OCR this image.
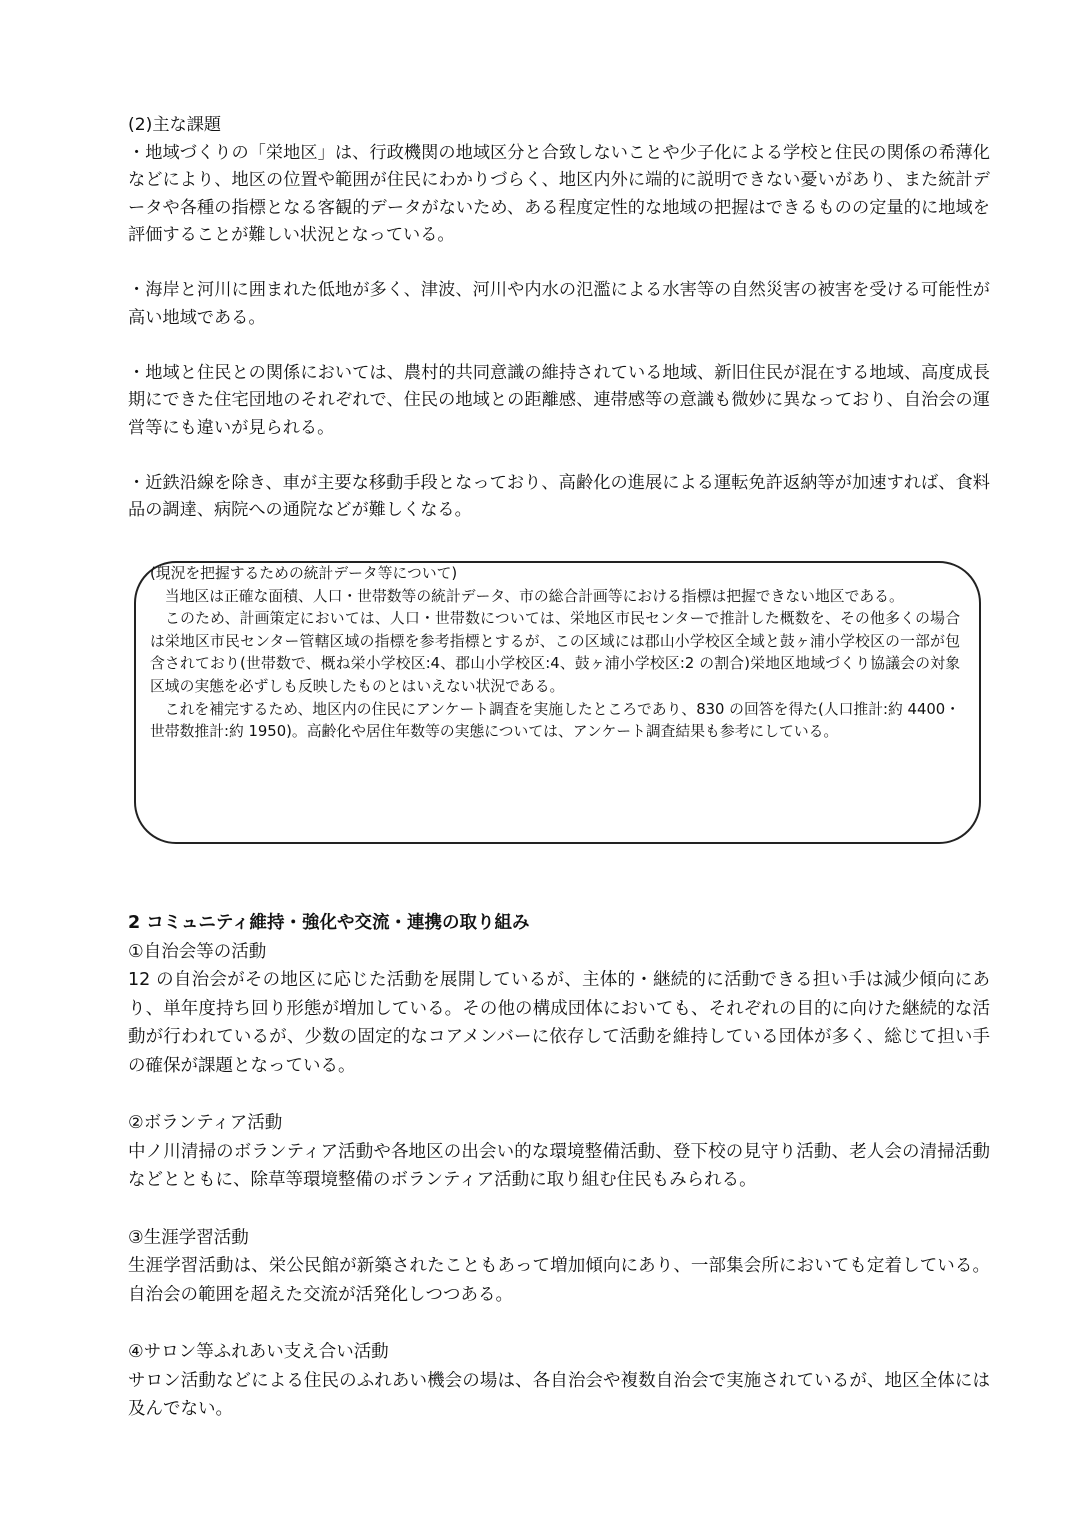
(2)主な課題

・地域づくりの「栄地区」は、行政機関の地域区分と合致しないことや少子化による学校と住民の関係の希薄化などにより、地区の位置や範囲が住民にわかりづらく、地区内外に端的に説明できない憂いがあり、また統計データや各種の指標となる客観的データがないため、ある程度定性的な地域の把握はできるものの定量的に地域を評価することが難しい状況となっている。

・海岸と河川に囲まれた低地が多く、津波、河川や内水の氾濫による水害等の自然災害の被害を受ける可能性が高い地域である。

・地域と住民との関係においては、農村的共同意識の維持されている地域、新旧住民が混在する地域、高度成長期にできた住宅団地のそれぞれで、住民の地域との距離感、連帯感等の意識も微妙に異なっており、自治会の運営等にも違いが見られる。

・近鉄沿線を除き、車が主要な移動手段となっており、高齢化の進展による運転免許返納等が加速すれば、食料品の調達、病院への通院などが難しくなる。

(現況を把握するための統計データ等について)

　当地区は正確な面積、人口・世帯数等の統計データ、市の総合計画等における指標は把握できない地区である。

　このため、計画策定においては、人口・世帯数については、栄地区市民センターで推計した概数を、その他多くの場合は栄地区市民センター管轄区域の指標を参考指標とするが、この区域には郡山小学校区全域と鼓ヶ浦小学校区の一部が包含されており(世帯数で、概ね栄小学校区:4、郡山小学校区:4、鼓ヶ浦小学校区:2 の割合)栄地区地域づくり協議会の対象区域の実態を必ずしも反映したものとはいえない状況である。

　これを補完するため、地区内の住民にアンケート調査を実施したところであり、830 の回答を得た(人口推計:約 4400・世帯数推計:約 1950)。高齢化や居住年数等の実態については、アンケート調査結果も参考にしている。

2 コミュニティ維持・強化や交流・連携の取り組み

①自治会等の活動

12 の自治会がその地区に応じた活動を展開しているが、主体的・継続的に活動できる担い手は減少傾向にあり、単年度持ち回り形態が増加している。その他の構成団体においても、それぞれの目的に向けた継続的な活動が行われているが、少数の固定的なコアメンバーに依存して活動を維持している団体が多く、総じて担い手の確保が課題となっている。

②ボランティア活動

中ノ川清掃のボランティア活動や各地区の出会い的な環境整備活動、登下校の見守り活動、老人会の清掃活動などとともに、除草等環境整備のボランティア活動に取り組む住民もみられる。

③生涯学習活動

生涯学習活動は、栄公民館が新築されたこともあって増加傾向にあり、一部集会所においても定着している。自治会の範囲を超えた交流が活発化しつつある。

④サロン等ふれあい支え合い活動

サロン活動などによる住民のふれあい機会の場は、各自治会や複数自治会で実施されているが、地区全体には及んでない。
